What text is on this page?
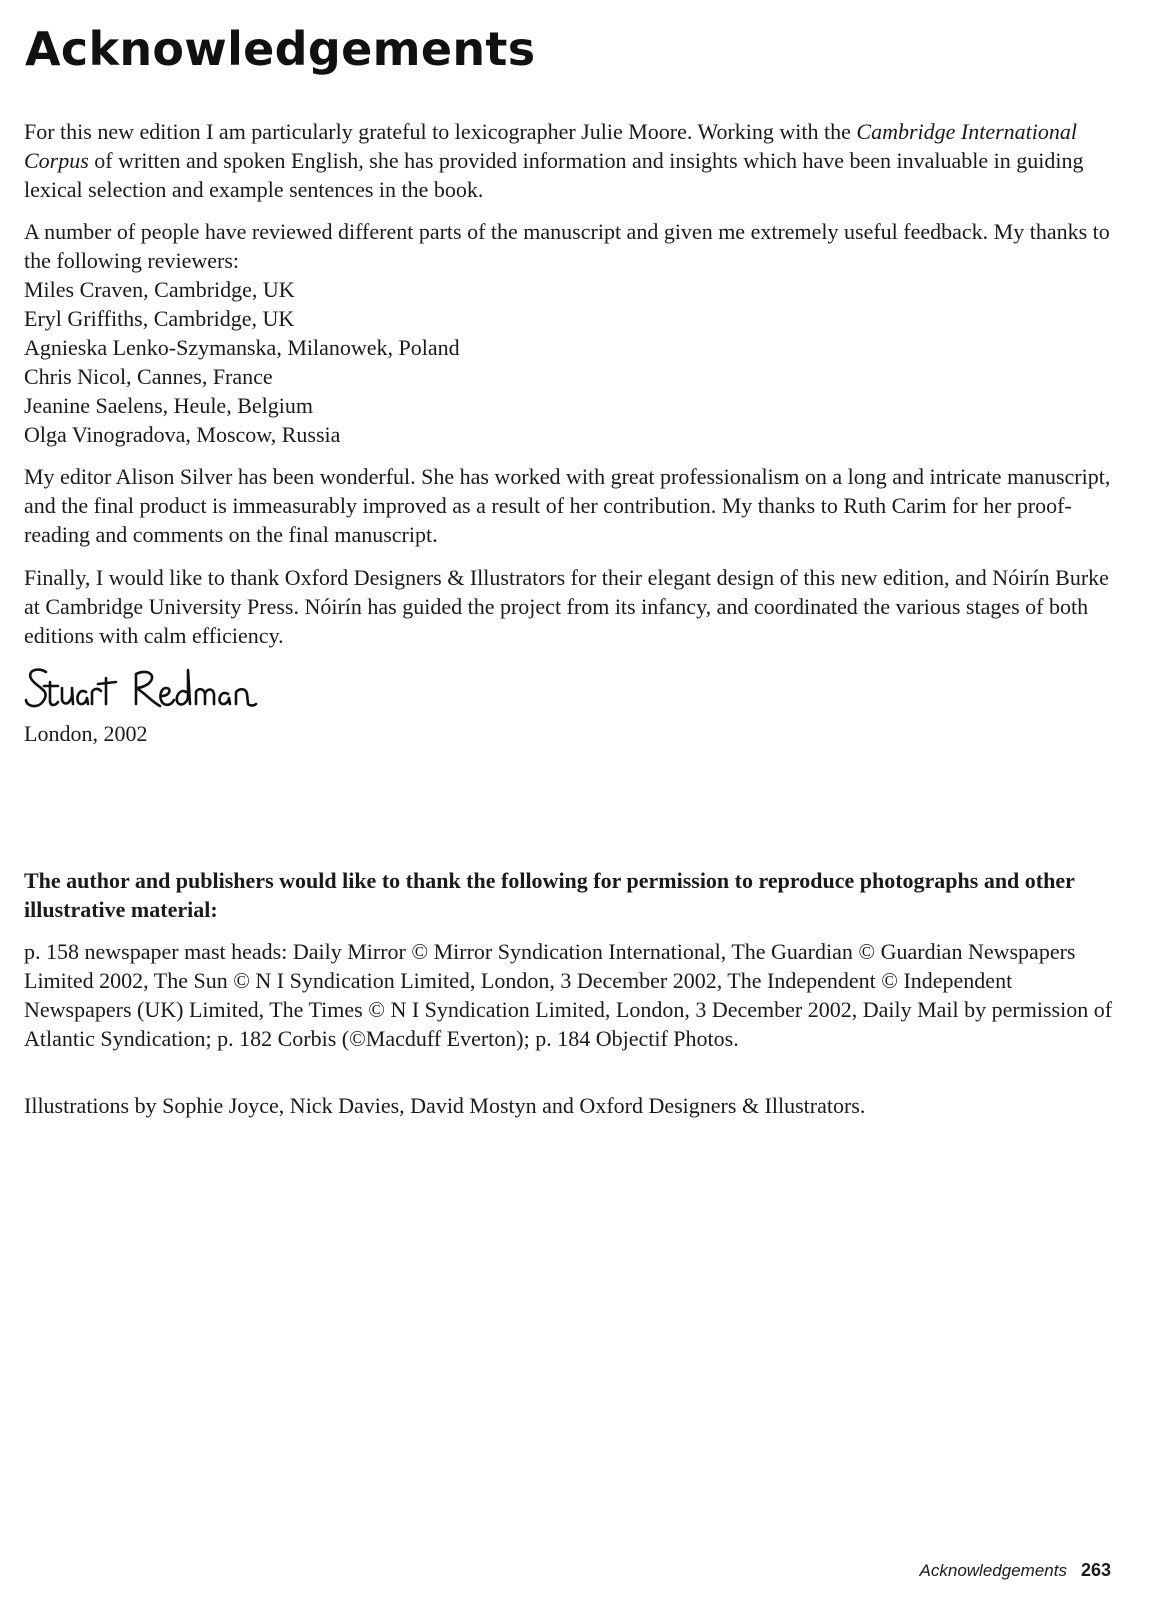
Acknowledgements

For this new edition I am particularly grateful to lexicographer Julie Moore. Working with the Cambridge International Corpus of written and spoken English, she has provided information and insights which have been invaluable in guiding lexical selection and example sentences in the book.

A number of people have reviewed different parts of the manuscript and given me extremely useful feedback. My thanks to the following reviewers:
Miles Craven, Cambridge, UK
Eryl Griffiths, Cambridge, UK
Agnieska Lenko-Szymanska, Milanowek, Poland
Chris Nicol, Cannes, France
Jeanine Saelens, Heule, Belgium
Olga Vinogradova, Moscow, Russia

My editor Alison Silver has been wonderful. She has worked with great professionalism on a long and intricate manuscript, and the final product is immeasurably improved as a result of her contribution. My thanks to Ruth Carim for her proof-reading and comments on the final manuscript.

Finally, I would like to thank Oxford Designers & Illustrators for their elegant design of this new edition, and Nóirín Burke at Cambridge University Press. Nóirín has guided the project from its infancy, and coordinated the various stages of both editions with calm efficiency.

London, 2002

The author and publishers would like to thank the following for permission to reproduce photographs and other illustrative material:

p. 158 newspaper mast heads: Daily Mirror © Mirror Syndication International, The Guardian © Guardian Newspapers Limited 2002, The Sun © N I Syndication Limited, London, 3 December 2002, The Independent © Independent Newspapers (UK) Limited, The Times © N I Syndication Limited, London, 3 December 2002, Daily Mail by permission of Atlantic Syndication; p. 182 Corbis (©Macduff Everton); p. 184 Objectif Photos.

Illustrations by Sophie Joyce, Nick Davies, David Mostyn and Oxford Designers & Illustrators.

Acknowledgements 263
